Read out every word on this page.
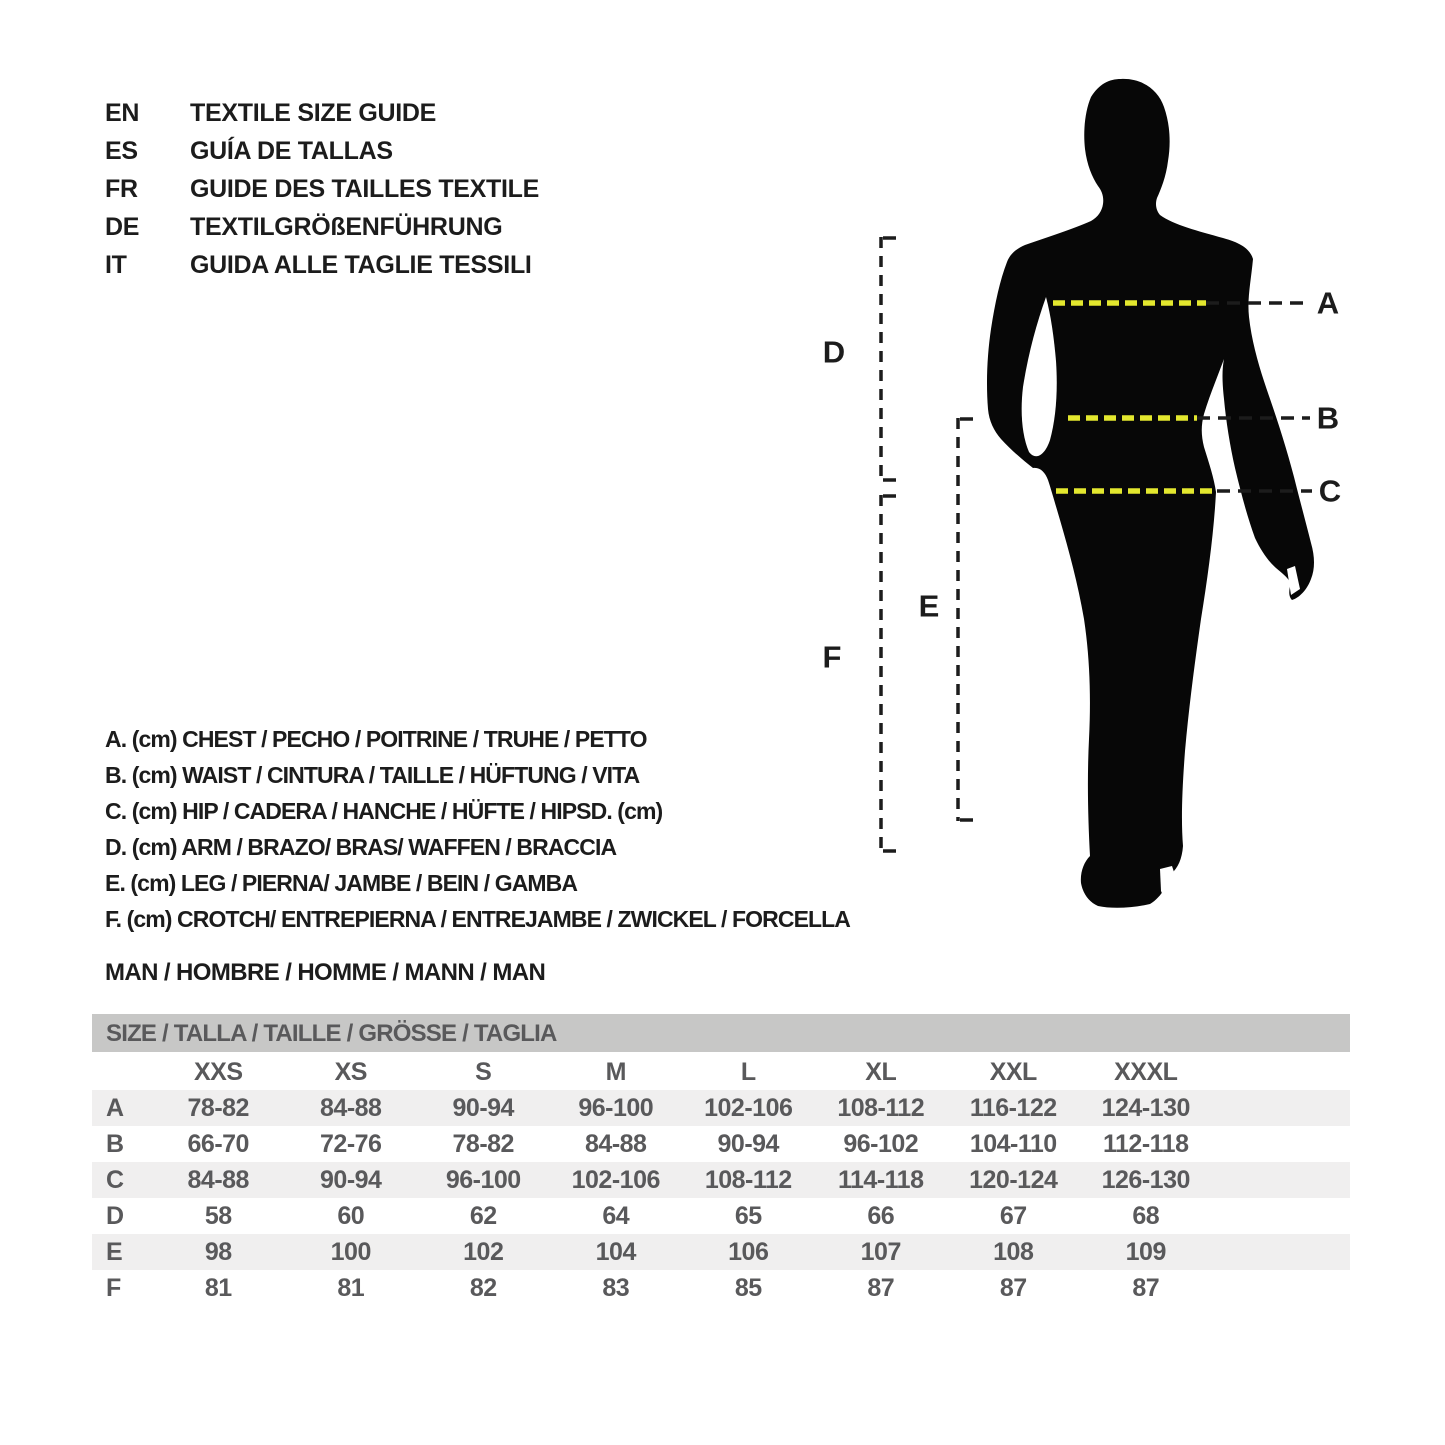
EN	TEXTILE SIZE GUIDE
ES	GUÍA DE TALLAS
FR	GUIDE DES TAILLES TEXTILE
DE	TEXTILGRÖßENFÜHRUNG
IT	GUIDA ALLE TAGLIE TESSILI
A
B
C
D
E
F
A. (cm) CHEST / PECHO / POITRINE / TRUHE / PETTO
B. (cm) WAIST / CINTURA / TAILLE / HÜFTUNG / VITA
C. (cm) HIP / CADERA / HANCHE / HÜFTE / HIPSD. (cm)
D. (cm) ARM / BRAZO/ BRAS/ WAFFEN / BRACCIA
E. (cm) LEG / PIERNA/ JAMBE / BEIN / GAMBA
F. (cm) CROTCH/ ENTREPIERNA / ENTREJAMBE / ZWICKEL / FORCELLA
MAN / HOMBRE / HOMME / MANN / MAN
SIZE / TALLA / TAILLE / GRÖSSE / TAGLIA
XXS	XS	S	M	L	XL	XXL	XXXL
A	78-82	84-88	90-94	96-100	102-106	108-112	116-122	124-130
B	66-70	72-76	78-82	84-88	90-94	96-102	104-110	112-118
C	84-88	90-94	96-100	102-106	108-112	114-118	120-124	126-130
D	58	60	62	64	65	66	67	68
E	98	100	102	104	106	107	108	109
F	81	81	82	83	85	87	87	87
